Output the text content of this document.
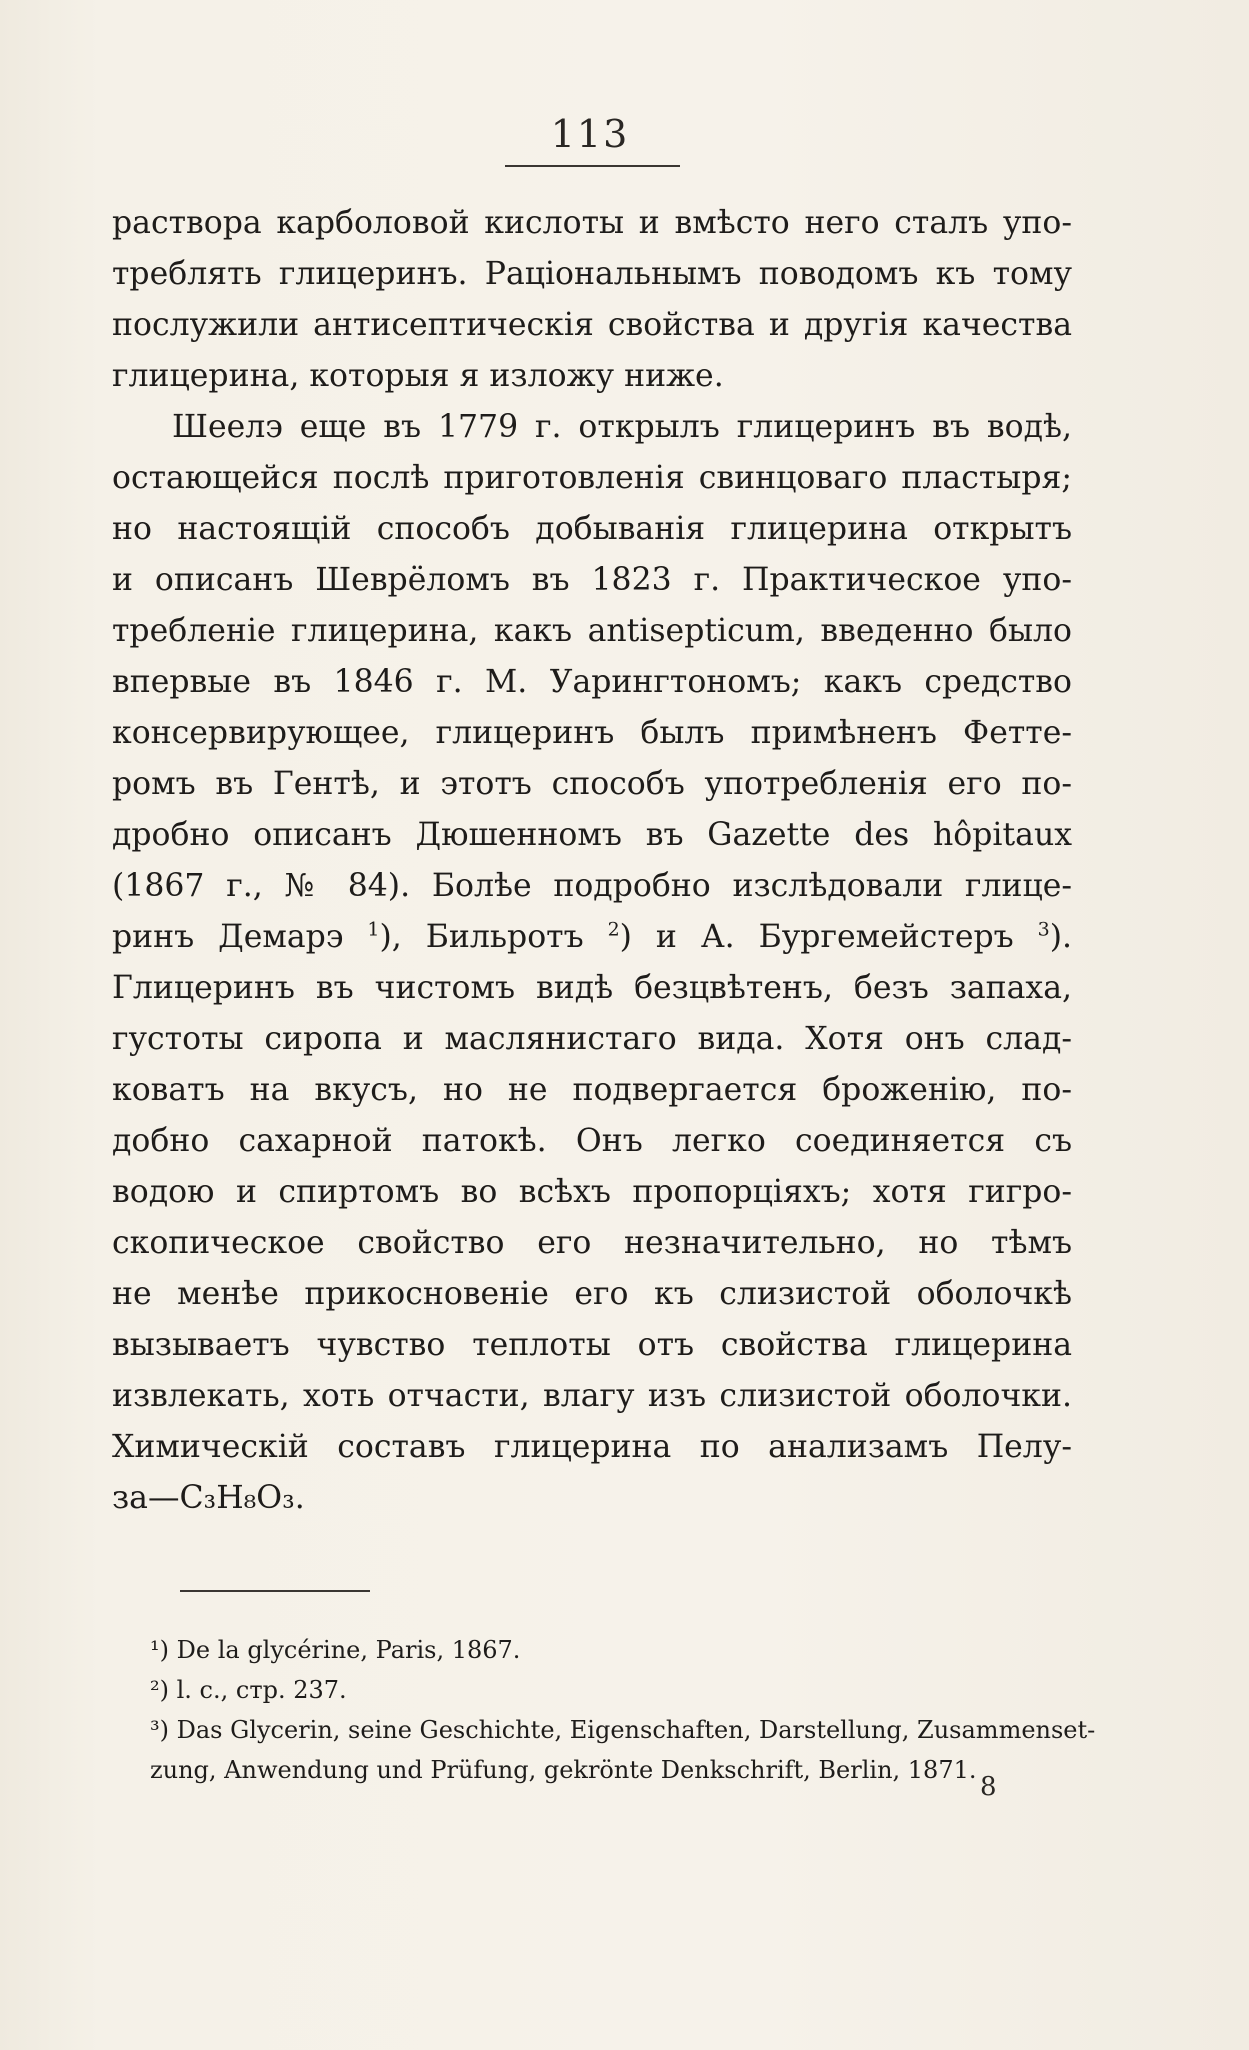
113
раствора карболовой кислоты и вмѣсто него сталъ упо-
треблять глицеринъ. Раціональнымъ поводомъ къ тому
послужили антисептическія свойства и другія качества
глицерина, которыя я изложу ниже.
Шеелэ еще въ 1779 г. открылъ глицеринъ въ водѣ,
остающейся послѣ приготовленія свинцоваго пластыря;
но настоящій способъ добыванія глицерина открытъ
и описанъ Шеврёломъ въ 1823 г. Практическое упо-
требленіе глицерина, какъ antisepticum, введенно было
впервые въ 1846 г. М. Уарингтономъ; какъ средство
консервирующее, глицеринъ былъ примѣненъ Фетте-
ромъ въ Гентѣ, и этотъ способъ употребленія его по-
дробно описанъ Дюшенномъ въ Gazette des hôpitaux
(1867 г., № 84). Болѣе подробно изслѣдовали глице-
ринъ Демарэ $^1$), Бильротъ $^2$) и А. Бургемейстеръ $^3$).
Глицеринъ въ чистомъ видѣ безцвѣтенъ, безъ запаха,
густоты сиропа и маслянистаго вида. Хотя онъ слад-
коватъ на вкусъ, но не подвергается броженію, по-
добно сахарной патокѣ. Онъ легко соединяется съ
водою и спиртомъ во всѣхъ пропорціяхъ; хотя гигро-
скопическое свойство его незначительно, но тѣмъ
не менѣе прикосновеніе его къ слизистой оболочкѣ
вызываетъ чувство теплоты отъ свойства глицерина
извлекать, хоть отчасти, влагу изъ слизистой оболочки.
Химическій составъ глицерина по анализамъ Пелу-
за—C₃H₈O₃.
¹) De la glycérine, Paris, 1867.
²) l. c., стр. 237.
³) Das Glycerin, seine Geschichte, Eigenschaften, Darstellung, Zusammenset-
zung, Anwendung und Prüfung, gekrönte Denkschrift, Berlin, 1871.
8
